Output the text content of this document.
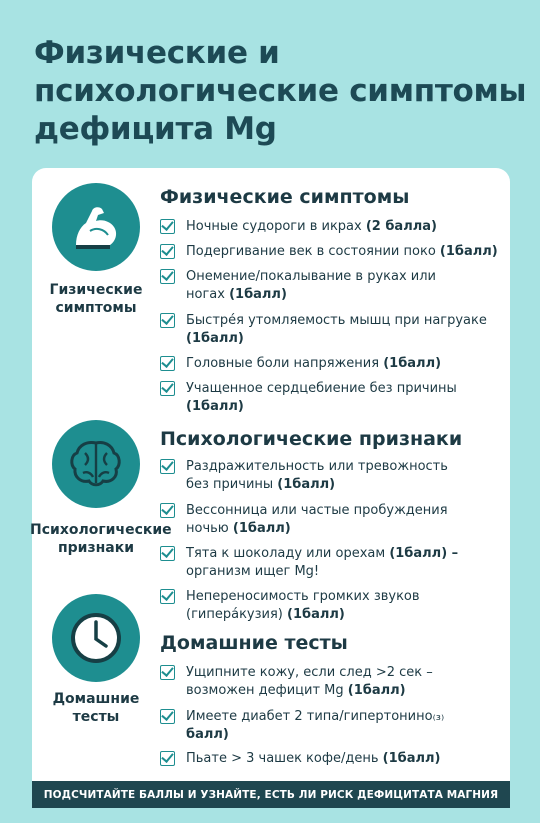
Физические и психологические симптомы дефицита Mg
Гизические симптомы
Физические симптомы
Ночные судороги в икрах (2 балла)
Подергивание век в состоянии поко (1балл)
Онемение/покалывание в руках или ногах (1балл)
Быстрéя утомляемость мышц при нагруаке (1балл)
Головные боли напряжения (1балл)
Учащенное сердцебиение без причины (1балл)
Психологические признаки
Психологические признаки
Раздражительность или тревожность без причины (1балл)
Вессонница или частые пробуждения ночью (1балл)
Тята к шоколаду или орехам (1балл) – организм ищег Mg!
Непереносимость громких звуков (гиперáкузия) (1балл)
Домашние тесты
Домашние тесты
Ущипните кожу, если след >2 сек – возможен дефицит Mg (1балл)
Имеете диабет 2 типа/гипертонино₍₃₎ балл)
Пьате > 3 чашек кофе/день (1балл)
ПОДСЧИТАЙТЕ БАЛЛЫ И УЗНАЙТЕ, ЕСТЬ ЛИ РИСК ДЕФИЦИТАТА МАГНИЯ
